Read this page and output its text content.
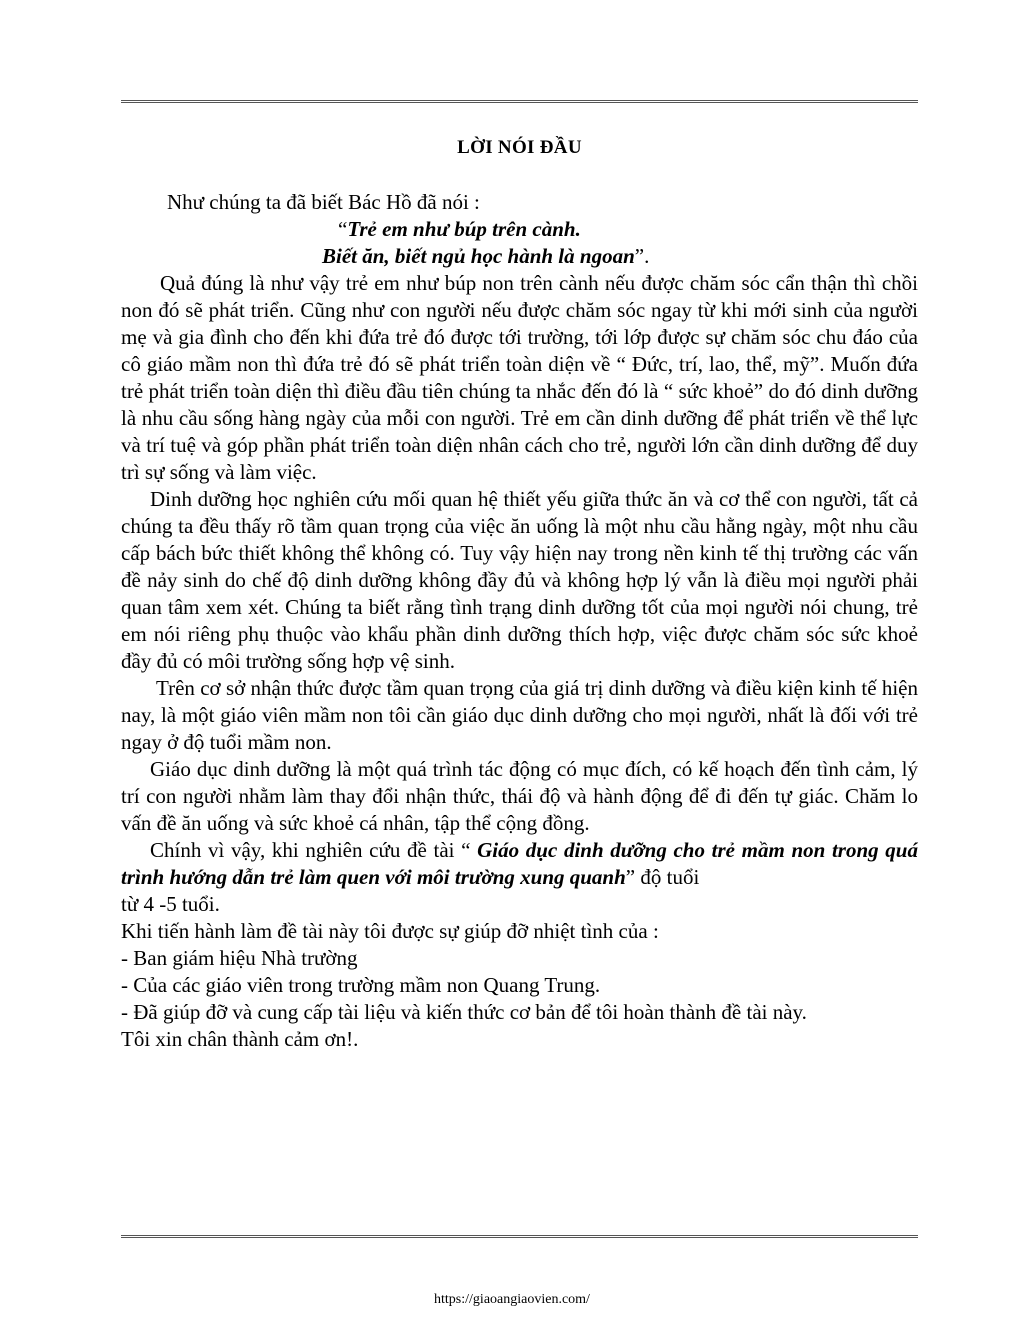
LỜI NÓI ĐẦU

Như chúng ta đã biết Bác Hồ đã nói :

“Trẻ em như búp trên cành.

Biết ăn, biết ngủ học hành là ngoan”.

Quả đúng là như vậy trẻ em như búp non trên cành nếu được chăm sóc cẩn thận thì chồi non đó sẽ phát triển. Cũng như con người nếu được chăm sóc ngay từ khi mới sinh của người mẹ và gia đình cho đến khi đứa trẻ đó được tới trường, tới lớp được sự chăm sóc chu đáo của cô giáo mầm non thì đứa trẻ đó sẽ phát triển toàn diện về “ Đức, trí, lao, thể, mỹ”. Muốn đứa trẻ phát triển toàn diện thì điều đầu tiên chúng ta nhắc đến đó là “ sức khoẻ” do đó dinh dưỡng là nhu cầu sống hàng ngày của mỗi con người. Trẻ em cần dinh dưỡng để phát triển về thể lực và trí tuệ và góp phần phát triển toàn diện nhân cách cho trẻ, người lớn cần dinh dưỡng để duy trì sự sống và làm việc.

Dinh dưỡng học nghiên cứu mối quan hệ thiết yếu giữa thức ăn và cơ thể con người, tất cả chúng ta đều thấy rõ tầm quan trọng của việc ăn uống là một nhu cầu hằng ngày, một nhu cầu cấp bách bức thiết không thể không có. Tuy vậy hiện nay trong nền kinh tế thị trường các vấn đề nảy sinh do chế độ dinh dưỡng không đầy đủ và không hợp lý vẫn là điều mọi người phải quan tâm xem xét. Chúng ta biết rằng tình trạng dinh dưỡng tốt của mọi người nói chung, trẻ em nói riêng phụ thuộc vào khẩu phần dinh dưỡng thích hợp, việc được chăm sóc sức khoẻ đầy đủ có môi trường sống hợp vệ sinh.

Trên cơ sở nhận thức được tầm quan trọng của giá trị dinh dưỡng và điều kiện kinh tế hiện nay, là một giáo viên mầm non tôi cần giáo dục dinh dưỡng cho mọi người, nhất là đối với trẻ ngay ở độ tuổi mầm non.

Giáo dục dinh dưỡng là một quá trình tác động có mục đích, có kế hoạch đến tình cảm, lý trí con người nhằm làm thay đổi nhận thức, thái độ và hành động để đi đến tự giác. Chăm lo vấn đề ăn uống và sức khoẻ cá nhân, tập thể cộng đồng.

Chính vì vậy, khi nghiên cứu đề tài “ Giáo dục dinh dưỡng cho trẻ mầm non trong quá trình hướng dẫn trẻ làm quen với môi trường xung quanh” độ tuổi

từ 4 -5 tuổi.

Khi tiến hành làm đề tài này tôi được sự giúp đỡ nhiệt tình của :

- Ban giám hiệu Nhà trường

- Của các giáo viên trong trường mầm non Quang Trung.

- Đã giúp đỡ và cung cấp tài liệu và kiến thức cơ bản để tôi hoàn thành đề tài này.

Tôi xin chân thành cảm ơn!.

https://giaoangiaovien.com/
